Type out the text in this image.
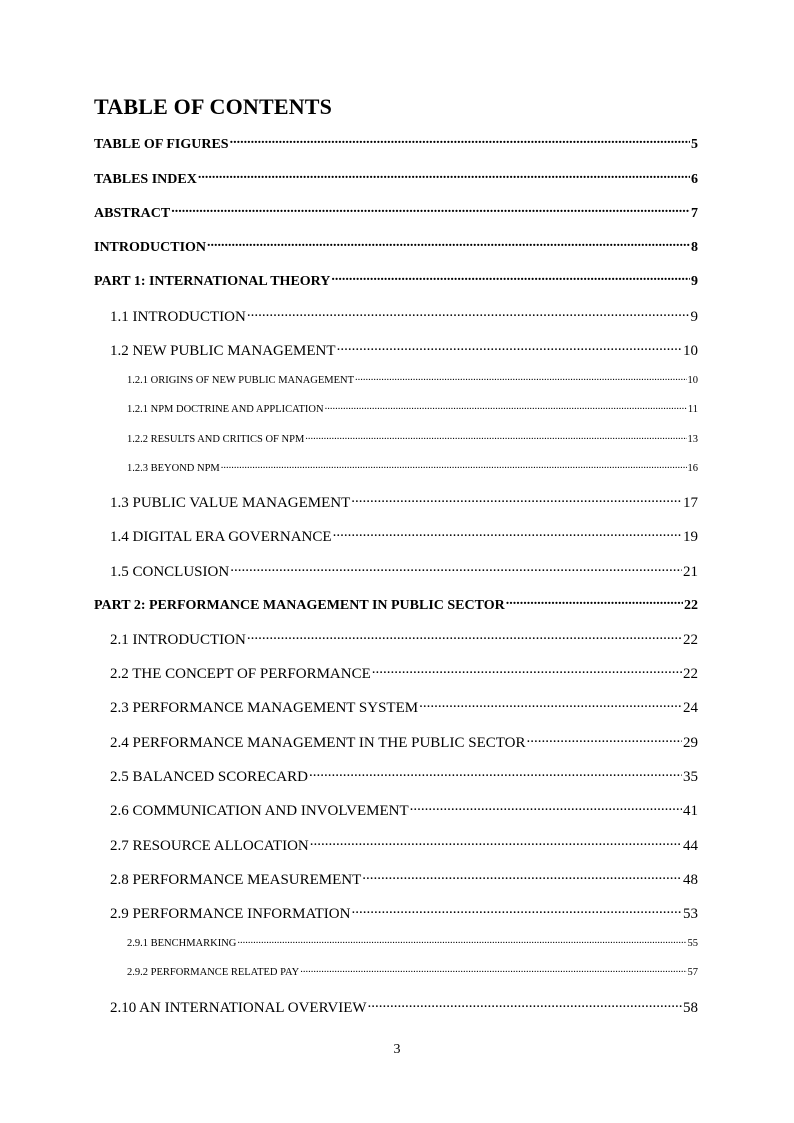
TABLE OF CONTENTS
TABLE OF FIGURES .....	5
TABLES INDEX .....	6
ABSTRACT .....	7
INTRODUCTION .....	8
PART 1: INTERNATIONAL THEORY .....	9
1.1 INTRODUCTION .....	9
1.2 NEW PUBLIC MANAGEMENT .....	10
1.2.1 ORIGINS OF NEW PUBLIC MANAGEMENT .....	10
1.2.1 NPM DOCTRINE AND APPLICATION .....	11
1.2.2 RESULTS AND CRITICS OF NPM .....	13
1.2.3 BEYOND NPM .....	16
1.3 PUBLIC VALUE MANAGEMENT .....	17
1.4 DIGITAL ERA GOVERNANCE .....	19
1.5 CONCLUSION .....	21
PART 2: PERFORMANCE MANAGEMENT IN PUBLIC SECTOR .....	22
2.1 INTRODUCTION .....	22
2.2 THE CONCEPT OF PERFORMANCE .....	22
2.3 PERFORMANCE MANAGEMENT SYSTEM .....	24
2.4 PERFORMANCE MANAGEMENT IN THE PUBLIC SECTOR .....	29
2.5 BALANCED SCORECARD .....	35
2.6 COMMUNICATION AND INVOLVEMENT .....	41
2.7 RESOURCE ALLOCATION .....	44
2.8 PERFORMANCE MEASUREMENT .....	48
2.9 PERFORMANCE INFORMATION .....	53
2.9.1 BENCHMARKING .....	55
2.9.2 PERFORMANCE RELATED PAY .....	57
2.10 AN INTERNATIONAL OVERVIEW .....	58
3
